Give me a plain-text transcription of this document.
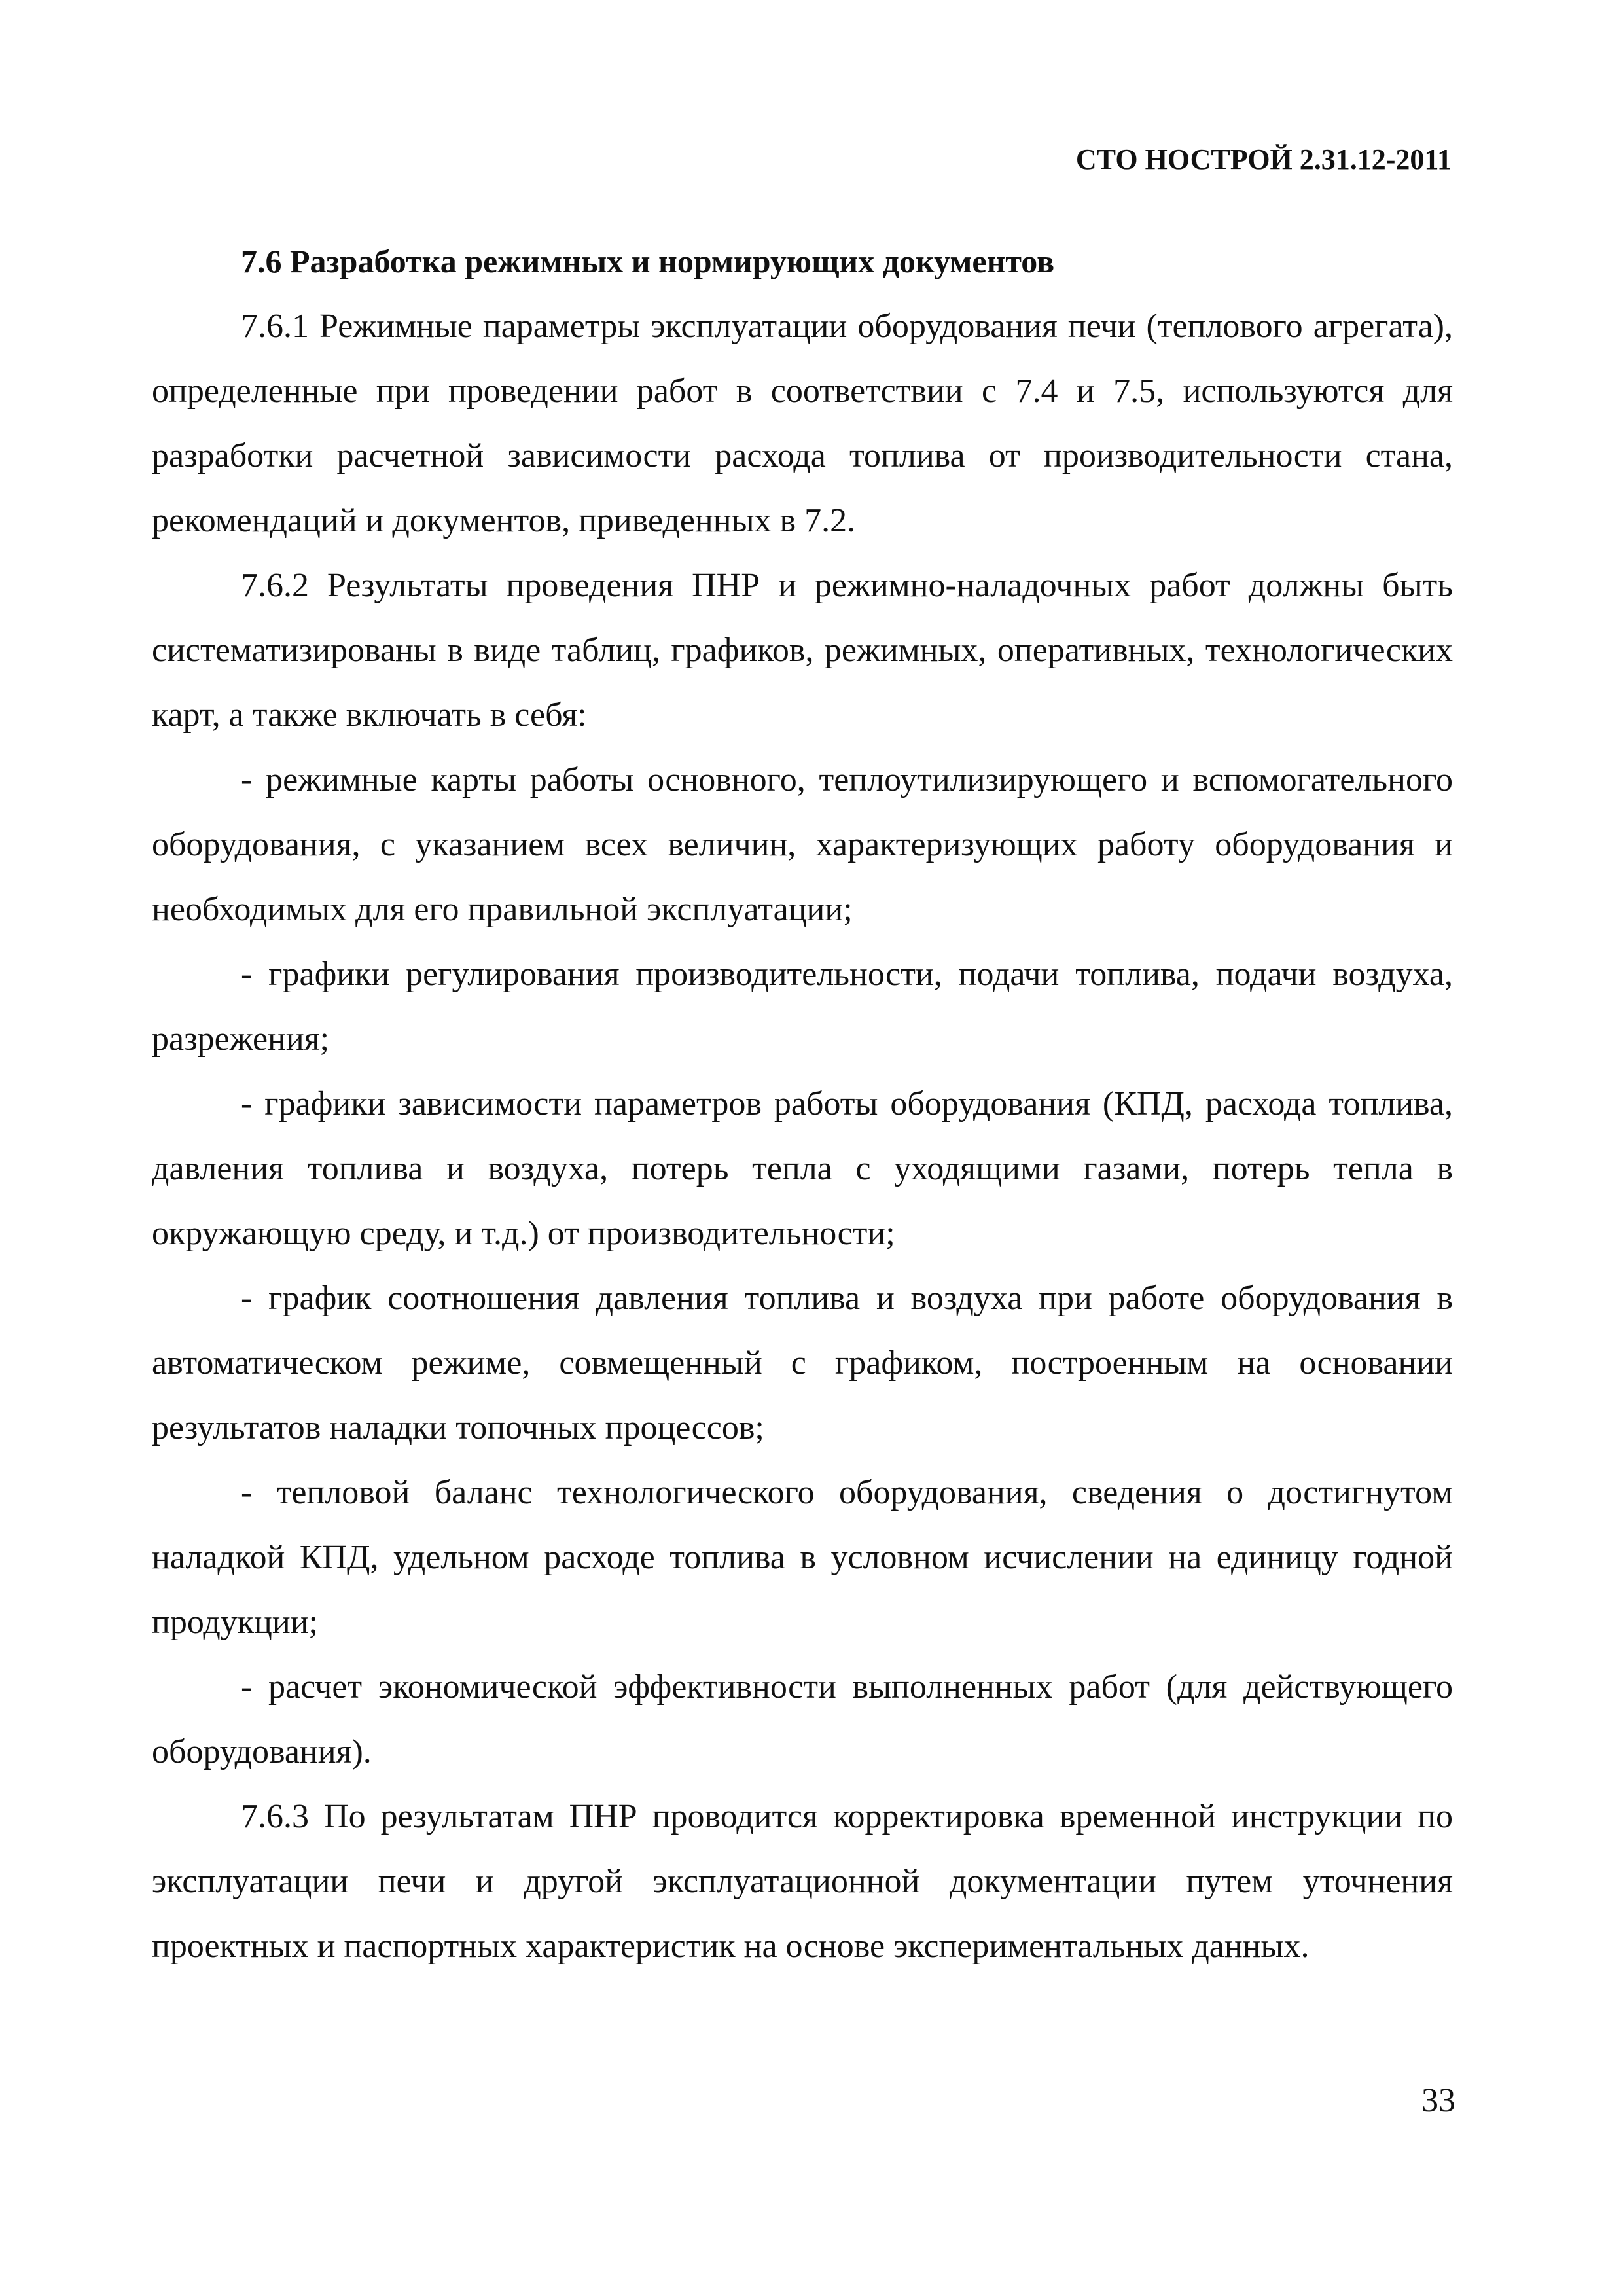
СТО НОСТРОЙ 2.31.12-2011

7.6 Разработка режимных и нормирующих документов

7.6.1 Режимные параметры эксплуатации оборудования печи (теплового агрегата), определенные при проведении работ в соответствии с 7.4 и 7.5, используются для разработки расчетной зависимости расхода топлива от производительности стана, рекомендаций и документов, приведенных в 7.2.

7.6.2 Результаты проведения ПНР и режимно-наладочных работ должны быть систематизированы в виде таблиц, графиков, режимных, оперативных, технологических карт, а также включать в себя:

- режимные карты работы основного, теплоутилизирующего и вспомогательного оборудования, с указанием всех величин, характеризующих работу оборудования и необходимых для его правильной эксплуатации;

- графики регулирования производительности, подачи топлива, подачи воздуха, разрежения;

- графики зависимости параметров работы оборудования (КПД, расхода топлива, давления топлива и воздуха, потерь тепла с уходящими газами, потерь тепла в окружающую среду, и т.д.) от производительности;

- график соотношения давления топлива и воздуха при работе оборудования в автоматическом режиме, совмещенный с графиком, построенным на основании результатов наладки топочных процессов;

- тепловой баланс технологического оборудования, сведения о достигнутом наладкой КПД, удельном расходе топлива в условном исчислении на единицу годной продукции;

- расчет экономической эффективности выполненных работ (для действующего оборудования).

7.6.3 По результатам ПНР проводится корректировка временной инструкции по эксплуатации печи и другой эксплуатационной документации путем уточнения проектных и паспортных характеристик на основе экспериментальных данных.

33
